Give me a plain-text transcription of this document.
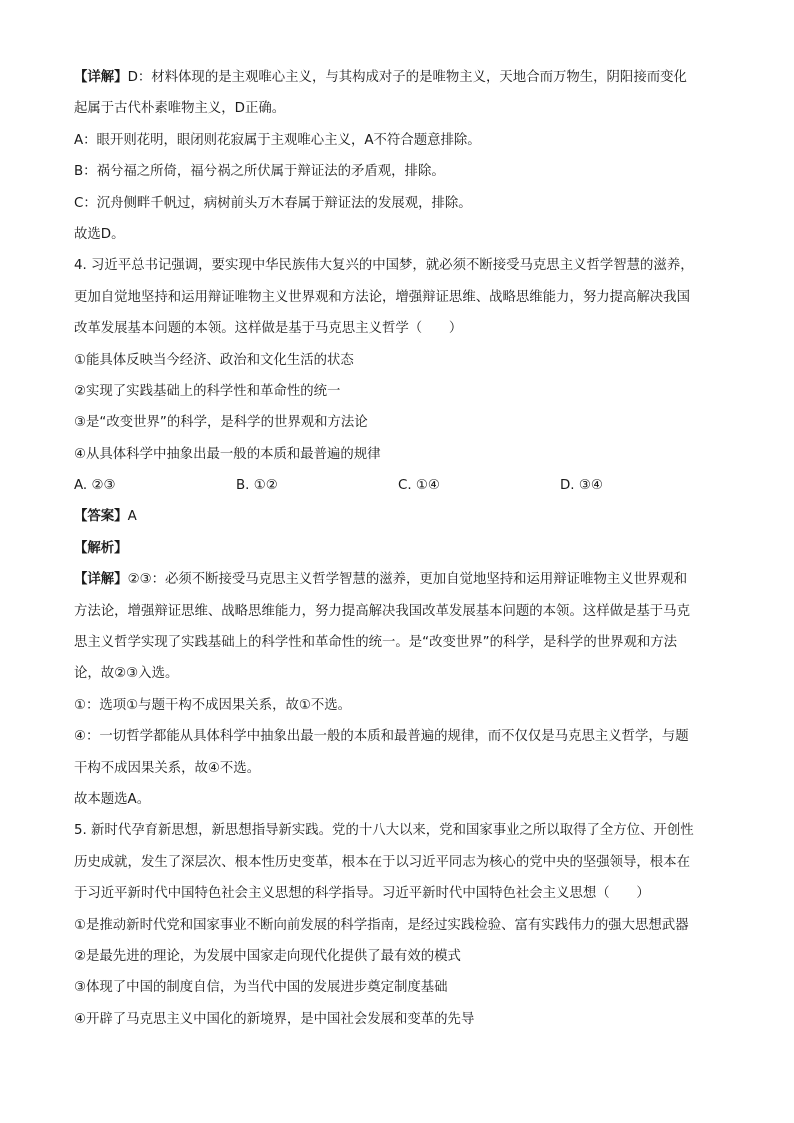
【详解】D：材料体现的是主观唯心主义，与其构成对子的是唯物主义，天地合而万物生，阴阳接而变化
起属于古代朴素唯物主义，D正确。
A：眼开则花明，眼闭则花寂属于主观唯心主义，A不符合题意排除。
B：祸兮福之所倚，福兮祸之所伏属于辩证法的矛盾观，排除。
C：沉舟侧畔千帆过，病树前头万木春属于辩证法的发展观，排除。
故选D。
4. 习近平总书记强调，要实现中华民族伟大复兴的中国梦，就必须不断接受马克思主义哲学智慧的滋养，
更加自觉地坚持和运用辩证唯物主义世界观和方法论，增强辩证思维、战略思维能力，努力提高解决我国
改革发展基本问题的本领。这样做是基于马克思主义哲学（　　）
①能具体反映当今经济、政治和文化生活的状态
②实现了实践基础上的科学性和革命性的统一
③是“改变世界”的科学，是科学的世界观和方法论
④从具体科学中抽象出最一般的本质和最普遍的规律
A. ②③	B. ①②	C. ①④	D. ③④
【答案】A
【解析】
【详解】②③：必须不断接受马克思主义哲学智慧的滋养，更加自觉地坚持和运用辩证唯物主义世界观和
方法论，增强辩证思维、战略思维能力，努力提高解决我国改革发展基本问题的本领。这样做是基于马克
思主义哲学实现了实践基础上的科学性和革命性的统一。是“改变世界”的科学，是科学的世界观和方法
论，故②③入选。
①：选项①与题干构不成因果关系，故①不选。
④：一切哲学都能从具体科学中抽象出最一般的本质和最普遍的规律，而不仅仅是马克思主义哲学，与题
干构不成因果关系，故④不选。
故本题选A。
5. 新时代孕育新思想，新思想指导新实践。党的十八大以来，党和国家事业之所以取得了全方位、开创性
历史成就，发生了深层次、根本性历史变革，根本在于以习近平同志为核心的党中央的坚强领导，根本在
于习近平新时代中国特色社会主义思想的科学指导。习近平新时代中国特色社会主义思想（　　）
①是推动新时代党和国家事业不断向前发展的科学指南，是经过实践检验、富有实践伟力的强大思想武器
②是最先进的理论，为发展中国家走向现代化提供了最有效的模式
③体现了中国的制度自信，为当代中国的发展进步奠定制度基础
④开辟了马克思主义中国化的新境界，是中国社会发展和变革的先导
